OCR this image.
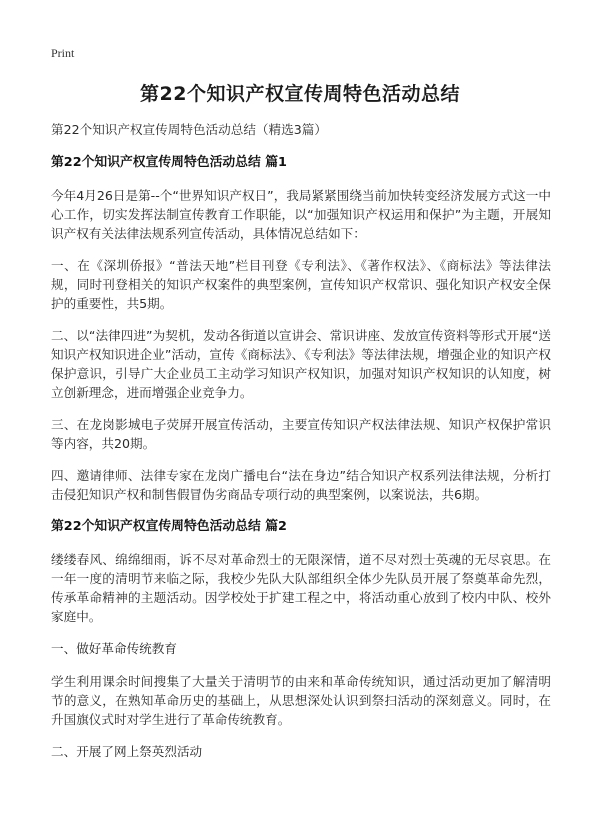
Print
第22个知识产权宣传周特色活动总结

第22个知识产权宣传周特色活动总结（精选3篇）

第22个知识产权宣传周特色活动总结 篇1

今年4月26日是第--个“世界知识产权日”，我局紧紧围绕当前加快转变经济发展方式这一中心工作，切实发挥法制宣传教育工作职能，以“加强知识产权运用和保护”为主题，开展知识产权有关法律法规系列宣传活动，具体情况总结如下：

一、在《深圳侨报》“普法天地”栏目刊登《专利法》、《著作权法》、《商标法》等法律法规，同时刊登相关的知识产权案件的典型案例，宣传知识产权常识、强化知识产权安全保护的重要性，共5期。

二、以“法律四进”为契机，发动各街道以宣讲会、常识讲座、发放宣传资料等形式开展“送知识产权知识进企业”活动，宣传《商标法》、《专利法》等法律法规，增强企业的知识产权保护意识，引导广大企业员工主动学习知识产权知识，加强对知识产权知识的认知度，树立创新理念，进而增强企业竞争力。

三、在龙岗影城电子荧屏开展宣传活动，主要宣传知识产权法律法规、知识产权保护常识等内容，共20期。

四、邀请律师、法律专家在龙岗广播电台“法在身边”结合知识产权系列法律法规，分析打击侵犯知识产权和制售假冒伪劣商品专项行动的典型案例，以案说法，共6期。

第22个知识产权宣传周特色活动总结 篇2

缕缕春风、绵绵细雨，诉不尽对革命烈士的无限深情，道不尽对烈士英魂的无尽哀思。在一年一度的清明节来临之际，我校少先队大队部组织全体少先队员开展了祭奠革命先烈，传承革命精神的主题活动。因学校处于扩建工程之中，将活动重心放到了校内中队、校外家庭中。

一、做好革命传统教育

学生利用课余时间搜集了大量关于清明节的由来和革命传统知识，通过活动更加了解清明节的意义，在熟知革命历史的基础上，从思想深处认识到祭扫活动的深刻意义。同时，在升国旗仪式时对学生进行了革命传统教育。

二、开展了网上祭英烈活动
